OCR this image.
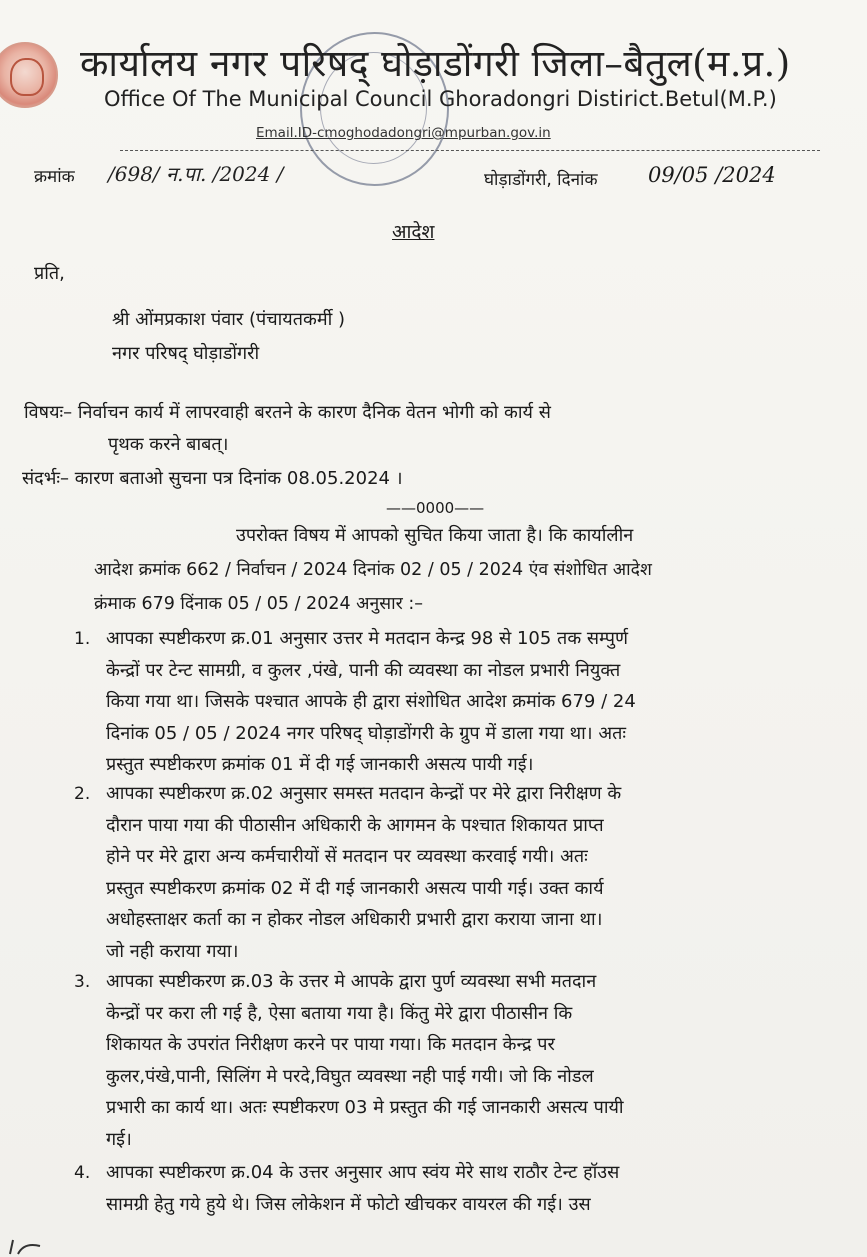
कार्यालय नगर परिषद् घोड़ाडोंगरी जिला–बैतुल(म.प्र.)
Office Of The Municipal Council Ghoradongri Distirict.Betul(M.P.)
Email.ID-cmoghodadongri@mpurban.gov.in
क्रमांक /698/ न.पा. /2024 /	घोड़ाडोंगरी, दिनांक 09/05 /2024
आदेश
प्रति,
श्री ओंमप्रकाश पंवार (पंचायतकर्मी )
नगर परिषद् घोड़ाडोंगरी
विषयः– निर्वाचन कार्य में लापरवाही बरतने के कारण दैनिक वेतन भोगी को कार्य से
पृथक करने बाबत्।
संदर्भः– कारण बताओ सुचना पत्र दिनांक 08.05.2024 ।
——0000——
उपरोक्त विषय में आपको सुचित किया जाता है। कि कार्यालीन
आदेश क्रमांक 662 / निर्वाचन / 2024 दिनांक 02 / 05 / 2024 एंव संशोधित आदेश
क्रंमाक 679 दिंनाक 05 / 05 / 2024 अनुसार :–
1. आपका स्पष्टीकरण क्र.01 अनुसार उत्तर मे मतदान केन्द्र 98 से 105 तक सम्पुर्ण
केन्द्रों पर टेन्ट सामग्री, व कुलर ,पंखे, पानी की व्यवस्था का नोडल प्रभारी नियुक्त
किया गया था। जिसके पश्चात आपके ही द्वारा संशोधित आदेश क्रमांक 679 / 24
दिनांक 05 / 05 / 2024 नगर परिषद् घोड़ाडोंगरी के ग्रुप में डाला गया था। अतः
प्रस्तुत स्पष्टीकरण क्रमांक 01 में दी गई जानकारी असत्य पायी गई।
2. आपका स्पष्टीकरण क्र.02 अनुसार समस्त मतदान केन्द्रों पर मेरे द्वारा निरीक्षण के
दौरान पाया गया की पीठासीन अधिकारी के आगमन के पश्चात शिकायत प्राप्त
होने पर मेरे द्वारा अन्य कर्मचारीयों सें मतदान पर व्यवस्था करवाई गयी। अतः
प्रस्तुत स्पष्टीकरण क्रमांक 02 में दी गई जानकारी असत्य पायी गई। उक्त कार्य
अधोहस्ताक्षर कर्ता का न होकर नोडल अधिकारी प्रभारी द्वारा कराया जाना था।
जो नही कराया गया।
3. आपका स्पष्टीकरण क्र.03 के उत्तर मे आपके द्वारा पुर्ण व्यवस्था सभी मतदान
केन्द्रों पर करा ली गई है, ऐसा बताया गया है। किंतु मेरे द्वारा पीठासीन कि
शिकायत के उपरांत निरीक्षण करने पर पाया गया। कि मतदान केन्द्र पर
कुलर,पंखे,पानी, सिलिंग मे परदे,विघुत व्यवस्था नही पाई गयी। जो कि नोडल
प्रभारी का कार्य था। अतः स्पष्टीकरण 03 मे प्रस्तुत की गई जानकारी असत्य पायी
गई।
4. आपका स्पष्टीकरण क्र.04 के उत्तर अनुसार आप स्वंय मेरे साथ राठौर टेन्ट हॉउस
सामग्री हेतु गये हुये थे। जिस लोकेशन में फोटो खीचकर वायरल की गई। उस
